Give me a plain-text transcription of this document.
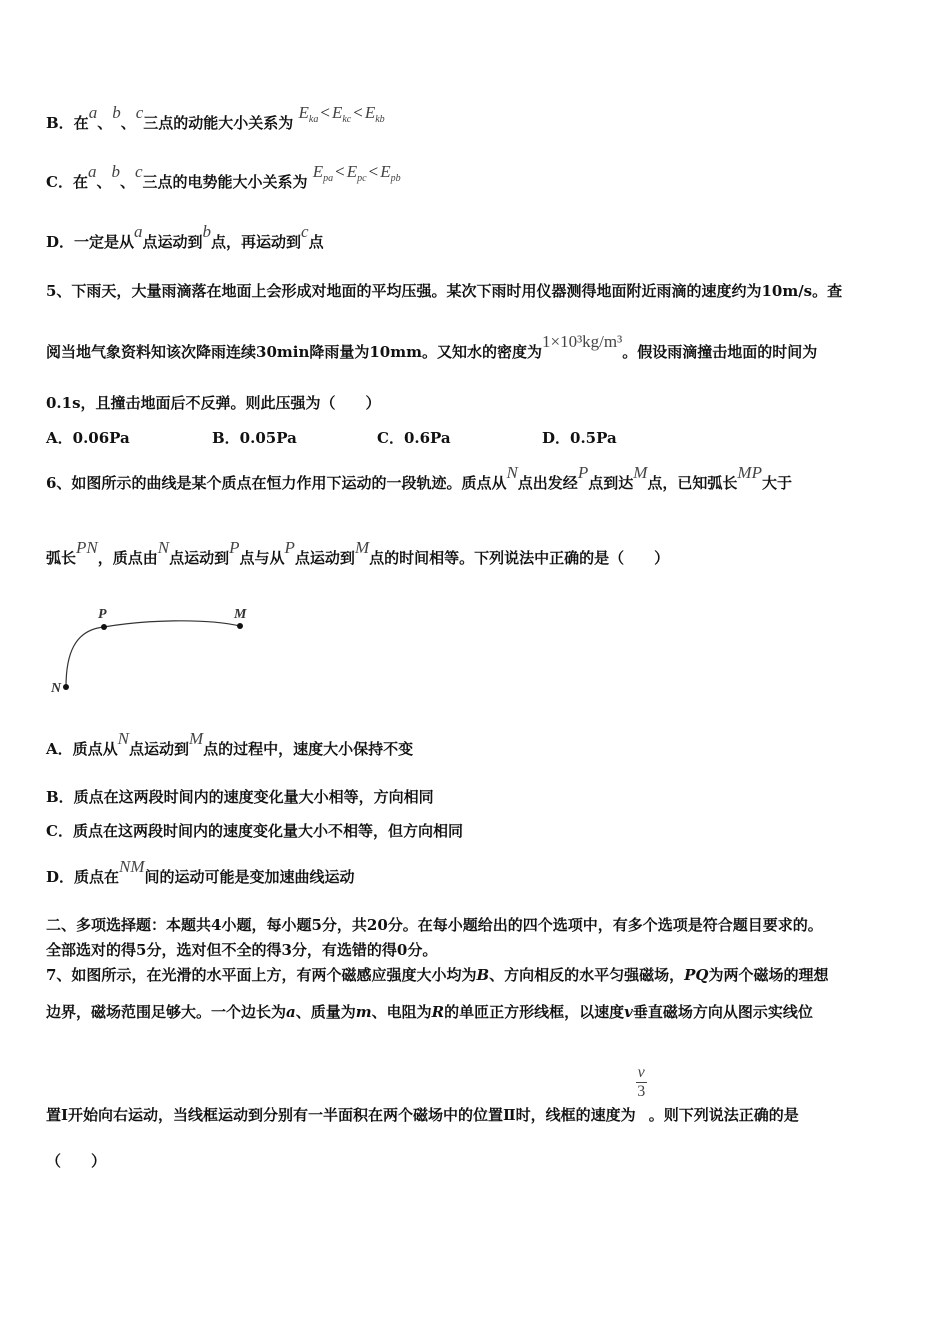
B．在a、b、c三点的动能大小关系为 $E_{ka} < E_{kc} < E_{kb}$
C．在a、b、c三点的电势能大小关系为 $E_{pa} < E_{pc} < E_{pb}$
D．一定是从a点运动到b点，再运动到c点
5、下雨天，大量雨滴落在地面上会形成对地面的平均压强。某次下雨时用仪器测得地面附近雨滴的速度约为10m/s。查
阅当地气象资料知该次降雨连续30min降雨量为10mm。又知水的密度为1×10³kg/m³。假设雨滴撞击地面的时间为
0.1s，且撞击地面后不反弹。则此压强为（　　）
A．0.06Pa	B．0.05Pa	C．0.6Pa	D．0.5Pa
6、如图所示的曲线是某个质点在恒力作用下运动的一段轨迹。质点从N点出发经P点到达M点，已知弧长MP大于
弧长PN，质点由N点运动到P点与从P点运动到M点的时间相等。下列说法中正确的是（　　）
P	M
N
A．质点从N点运动到M点的过程中，速度大小保持不变
B．质点在这两段时间内的速度变化量大小相等，方向相同
C．质点在这两段时间内的速度变化量大小不相等，但方向相同
D．质点在NM间的运动可能是变加速曲线运动
二、多项选择题：本题共4小题，每小题5分，共20分。在每小题给出的四个选项中，有多个选项是符合题目要求的。
全部选对的得5分，选对但不全的得3分，有选错的得0分。
7、如图所示，在光滑的水平面上方，有两个磁感应强度大小均为B、方向相反的水平匀强磁场，PQ为两个磁场的理想
边界，磁场范围足够大。一个边长为a、质量为m、电阻为R的单匝正方形线框，以速度v垂直磁场方向从图示实线位
置Ⅰ开始向右运动，当线框运动到分别有一半面积在两个磁场中的位置Ⅱ时，线框的速度为
$\frac{v}{3}$
。则下列说法正确的是
（　　）
